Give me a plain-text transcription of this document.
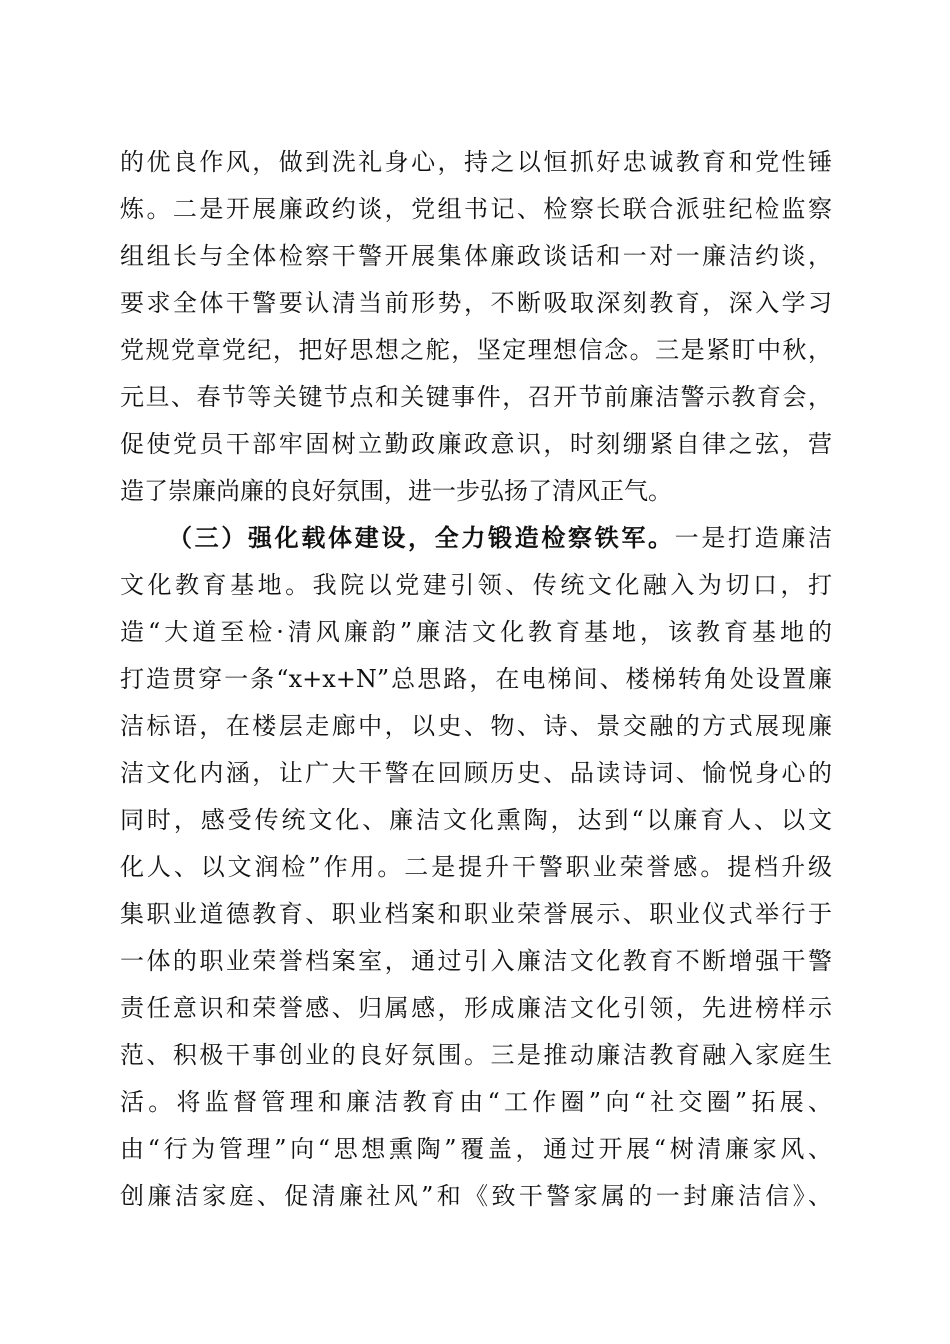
的优良作风，做到洗礼身心，持之以恒抓好忠诚教育和党性锤
炼。二是开展廉政约谈，党组书记、检察长联合派驻纪检监察
组组长与全体检察干警开展集体廉政谈话和一对一廉洁约谈，
要求全体干警要认清当前形势，不断吸取深刻教育，深入学习
党规党章党纪，把好思想之舵，坚定理想信念。三是紧盯中秋，
元旦、春节等关键节点和关键事件，召开节前廉洁警示教育会，
促使党员干部牢固树立勤政廉政意识，时刻绷紧自律之弦，营
造了崇廉尚廉的良好氛围，进一步弘扬了清风正气。
（三）强化载体建设，全力锻造检察铁军。一是打造廉洁
文化教育基地。我院以党建引领、传统文化融入为切口，打
造“大道至检·清风廉韵”廉洁文化教育基地，该教育基地的
打造贯穿一条“x+x+N”总思路，在电梯间、楼梯转角处设置廉
洁标语，在楼层走廊中，以史、物、诗、景交融的方式展现廉
洁文化内涵，让广大干警在回顾历史、品读诗词、愉悦身心的
同时，感受传统文化、廉洁文化熏陶，达到“以廉育人、以文
化人、以文润检”作用。二是提升干警职业荣誉感。提档升级
集职业道德教育、职业档案和职业荣誉展示、职业仪式举行于
一体的职业荣誉档案室，通过引入廉洁文化教育不断增强干警
责任意识和荣誉感、归属感，形成廉洁文化引领，先进榜样示
范、积极干事创业的良好氛围。三是推动廉洁教育融入家庭生
活。将监督管理和廉洁教育由“工作圈”向“社交圈”拓展、
由“行为管理”向“思想熏陶”覆盖，通过开展“树清廉家风、
创廉洁家庭、促清廉社风”和《致干警家属的一封廉洁信》、
